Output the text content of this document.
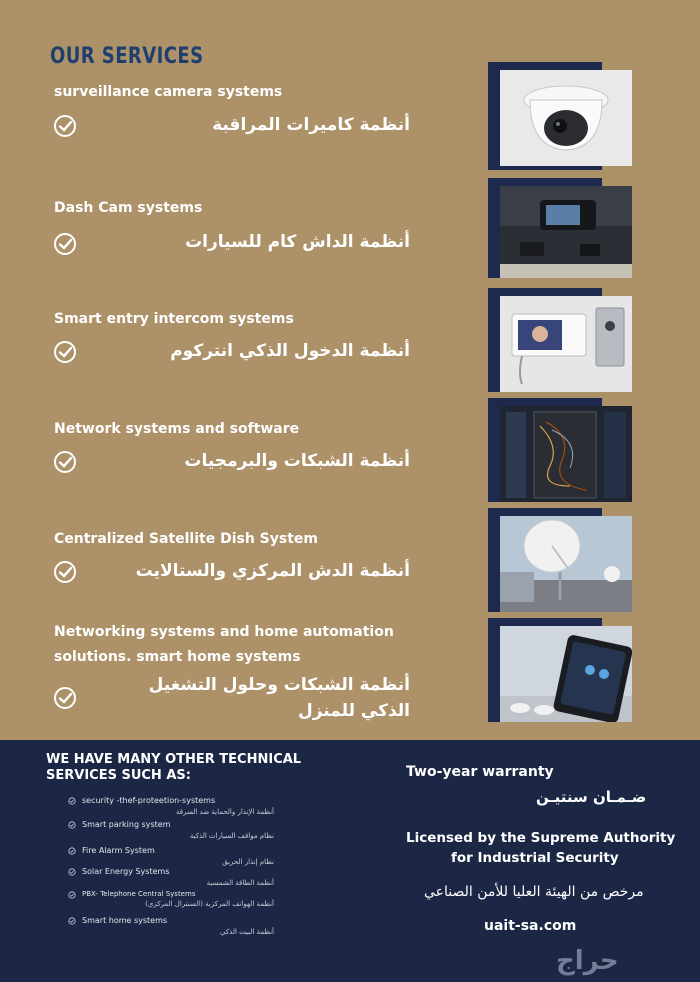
OUR SERVICES
surveillance camera systems
أنظمة كاميرات المراقبة
Dash Cam systems
أنظمة الداش كام للسيارات
Smart entry intercom systems
أنظمة الدخول الذكي انتركوم
Network systems and software
أنظمة الشبكات والبرمجيات
Centralized Satellite Dish System
أنظمة الدش المركزي والستالايت
Networking systems and home automation
solutions. smart home systems
أنظمة الشبكات وحلول التشغيل
الذكي للمنزل
WE HAVE MANY OTHER TECHNICAL
SERVICES SUCH AS:
security -thef-proteetion-systems
أنظمة الإنذار والحماية ضد السرقة
Smart parking system
نظام مواقف السيارات الذكية
Fire Alarm System
نظام إنذار الحريق
Solar Energy Systems
أنظمة الطاقة الشمسية
PBX- Telephone Central Systems
أنظمة الهواتف المركزية (السنترال المركزي)
Smart home systems
أنظمة البيت الذكي
Two-year warranty
ضـمـان سنتيـن
Licensed by the Supreme Authority
for Industrial Security
مرخص من الهيئة العليا للأمن الصناعي
uait-sa.com
حراج
